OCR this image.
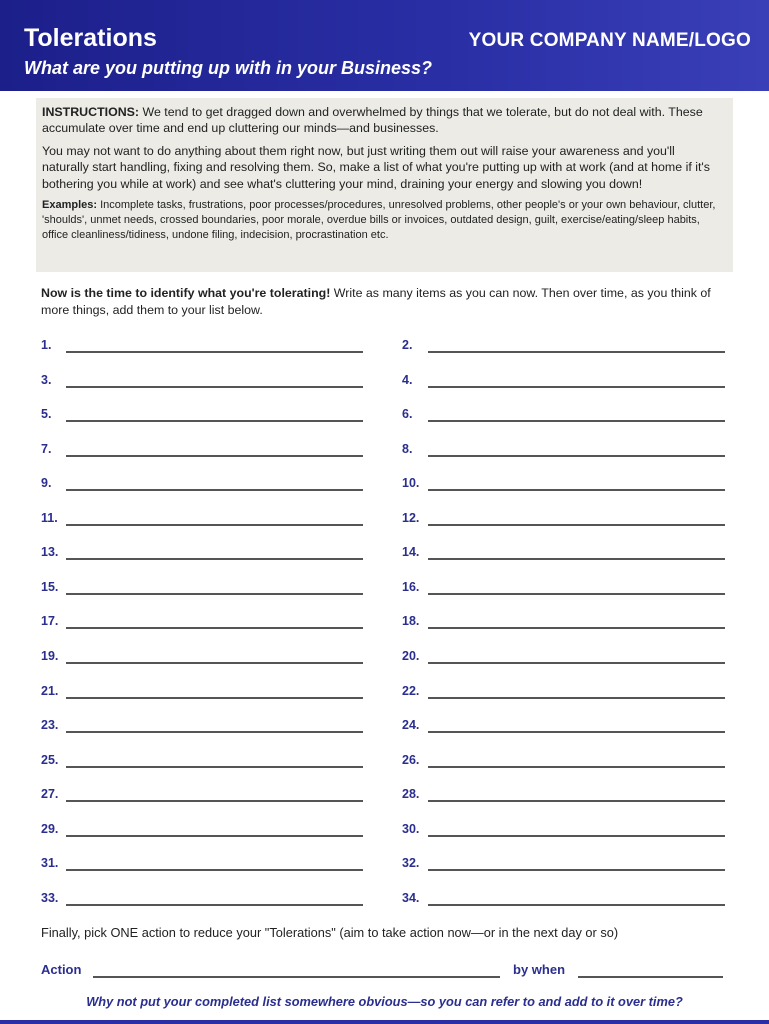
Tolerations
What are you putting up with in your Business?
YOUR COMPANY NAME/LOGO

INSTRUCTIONS: We tend to get dragged down and overwhelmed by things that we tolerate, but do not deal with. These accumulate over time and end up cluttering our minds—and businesses.

You may not want to do anything about them right now, but just writing them out will raise your awareness and you'll naturally start handling, fixing and resolving them. So, make a list of what you're putting up with at work (and at home if it's bothering you while at work) and see what's cluttering your mind, draining your energy and slowing you down!

Examples: Incomplete tasks, frustrations, poor processes/procedures, unresolved problems, other people's or your own behaviour, clutter, 'shoulds', unmet needs, crossed boundaries, poor morale, overdue bills or invoices, outdated design, guilt, exercise/eating/sleep habits, office cleanliness/tidiness, undone filing, indecision, procrastination etc.

Now is the time to identify what you're tolerating! Write as many items as you can now. Then over time, as you think of more things, add them to your list below.
1.	2.
3.	4.
5.	6.
7.	8.
9.	10.
11.	12.
13.	14.
15.	16.
17.	18.
19.	20.
21.	22.
23.	24.
25.	26.
27.	28.
29.	30.
31.	32.
33.	34.
Finally, pick ONE action to reduce your "Tolerations" (aim to take action now—or in the next day or so)
Action	by when
Why not put your completed list somewhere obvious—so you can refer to and add to it over time?
